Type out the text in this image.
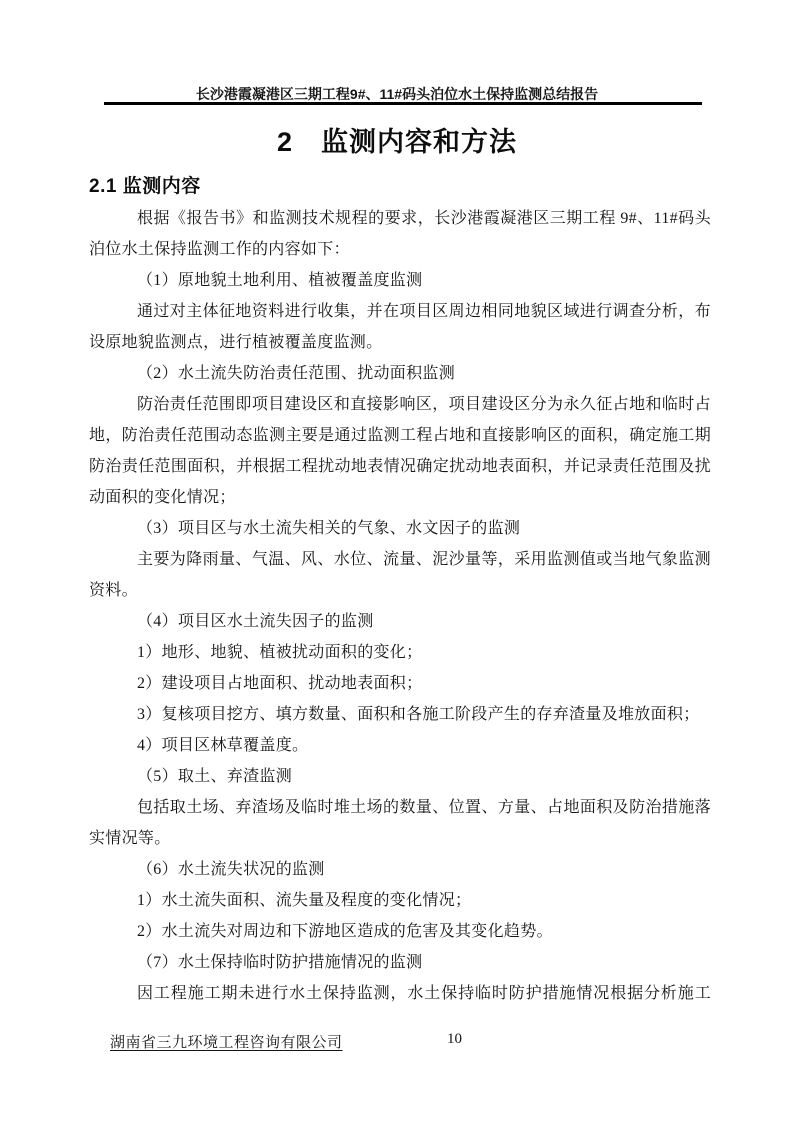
长沙港霞凝港区三期工程9#、11#码头泊位水土保持监测总结报告
2　监测内容和方法
2.1 监测内容

根据《报告书》和监测技术规程的要求，长沙港霞凝港区三期工程 9#、11#码头泊位水土保持监测工作的内容如下：

（1）原地貌土地利用、植被覆盖度监测

通过对主体征地资料进行收集，并在项目区周边相同地貌区域进行调查分析，布设原地貌监测点，进行植被覆盖度监测。

（2）水土流失防治责任范围、扰动面积监测

防治责任范围即项目建设区和直接影响区，项目建设区分为永久征占地和临时占地，防治责任范围动态监测主要是通过监测工程占地和直接影响区的面积，确定施工期防治责任范围面积，并根据工程扰动地表情况确定扰动地表面积，并记录责任范围及扰动面积的变化情况；

（3）项目区与水土流失相关的气象、水文因子的监测

主要为降雨量、气温、风、水位、流量、泥沙量等，采用监测值或当地气象监测资料。

（4）项目区水土流失因子的监测

1）地形、地貌、植被扰动面积的变化；

2）建设项目占地面积、扰动地表面积；

3）复核项目挖方、填方数量、面积和各施工阶段产生的存弃渣量及堆放面积；

4）项目区林草覆盖度。

（5）取土、弃渣监测

包括取土场、弃渣场及临时堆土场的数量、位置、方量、占地面积及防治措施落实情况等。

（6）水土流失状况的监测

1）水土流失面积、流失量及程度的变化情况；

2）水土流失对周边和下游地区造成的危害及其变化趋势。

（7）水土保持临时防护措施情况的监测

因工程施工期未进行水土保持监测，水土保持临时防护措施情况根据分析施工

湖南省三九环境工程咨询有限公司	10
